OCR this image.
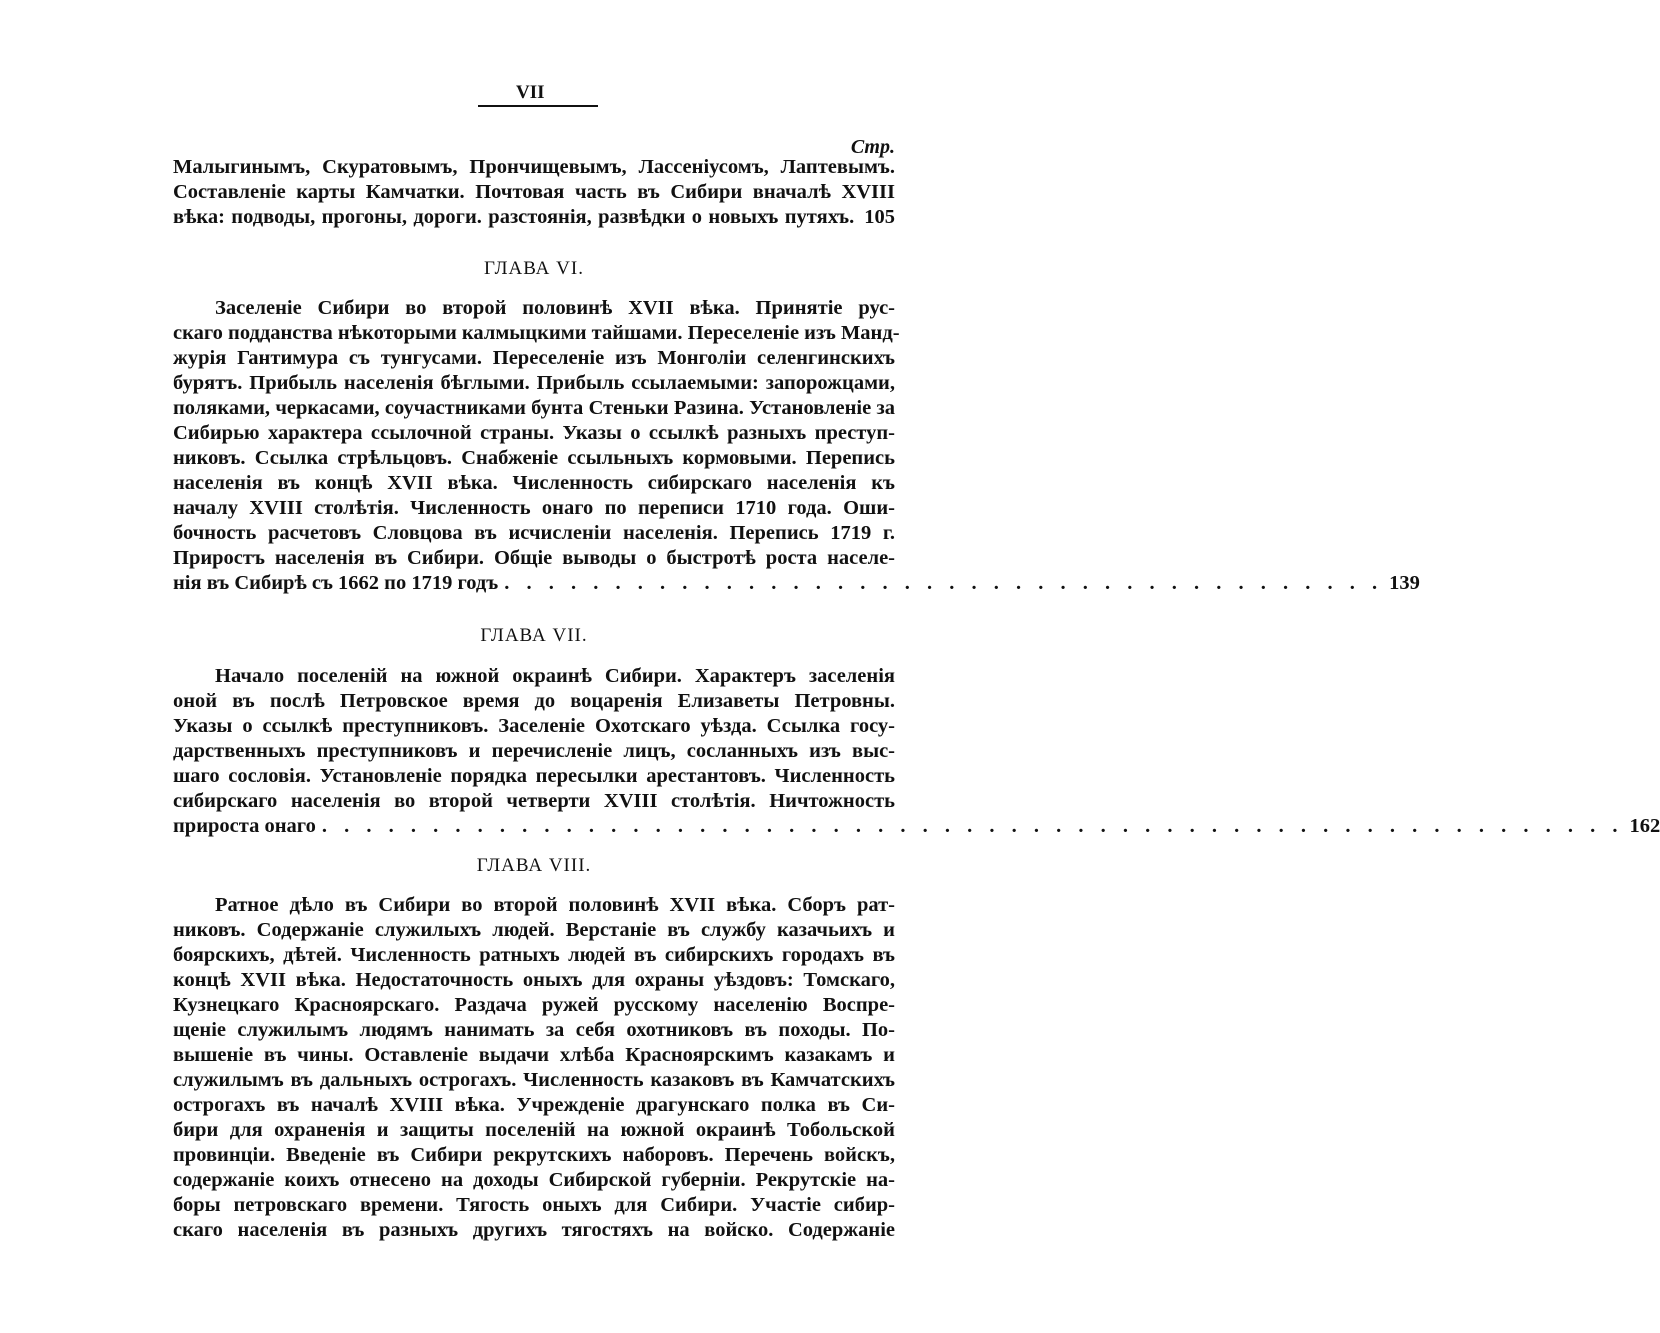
VII
Стр.
Малыгинымъ, Скуратовымъ, Прончищевымъ, Лассеніусомъ, Лаптевымъ.
Составленіе карты Камчатки. Почтовая часть въ Сибири вначалѣ XVIII
вѣка: подводы, прогоны, дороги. разстоянія, развѣдки о новыхъ путяхъ. 105
ГЛАВА VI.
Заселеніе Сибири во второй половинѣ XVII вѣка. Принятіе рус-
скаго подданства нѣкоторыми калмыцкими тайшами. Переселеніе изъ Манд-
журія Гантимура съ тунгусами. Переселеніе изъ Монголіи селенгинскихъ
бурятъ. Прибыль населенія бѣглыми. Прибыль ссылаемыми: запорожцами,
поляками, черкасами, соучастниками бунта Стеньки Разина. Установленіе за
Сибирью характера ссылочной страны. Указы о ссылкѣ разныхъ преступ-
никовъ. Ссылка стрѣльцовъ. Снабженіе ссыльныхъ кормовыми. Перепись
населенія въ концѣ XVII вѣка. Численность сибирскаго населенія къ
началу XVIII столѣтія. Численность онаго по переписи 1710 года. Оши-
бочность расчетовъ Словцова въ исчисленіи населенія. Перепись 1719 г.
Приростъ населенія въ Сибири. Общіе выводы о быстротѣ роста населе-
нія въ Сибирѣ съ 1662 по 1719 годъ . . . . . . . . . . . . . . . . . . . . . . . . . . . . . . . . . . . . . . . . 139
ГЛАВА VII.
Начало поселеній на южной окраинѣ Сибири. Характеръ заселенія
оной въ послѣ Петровское время до воцаренія Елизаветы Петровны.
Указы о ссылкѣ преступниковъ. Заселеніе Охотскаго уѣзда. Ссылка госу-
дарственныхъ преступниковъ и перечисленіе лицъ, сосланныхъ изъ выс-
шаго сословія. Установленіе порядка пересылки арестантовъ. Численность
сибирскаго населенія во второй четверти XVIII столѣтія. Ничтожность
прироста онаго . . . . . . . . . . . . . . . . . . . . . . . . . . . . . . . . . . . . . . . . . . . . . . . . . . . . . . . . . . . 162
ГЛАВА VIII.
Ратное дѣло въ Сибири во второй половинѣ XVII вѣка. Сборъ рат-
никовъ. Содержаніе служилыхъ людей. Верстаніе въ службу казачьихъ и
боярскихъ, дѣтей. Численность ратныхъ людей въ сибирскихъ городахъ въ
концѣ XVII вѣка. Недостаточность оныхъ для охраны уѣздовъ: Томскаго,
Кузнецкаго Красноярскаго. Раздача ружей русскому населенію Воспре-
щеніе служилымъ людямъ нанимать за себя охотниковъ въ походы. По-
вышеніе въ чины. Оставленіе выдачи хлѣба Красноярскимъ казакамъ и
служилымъ въ дальныхъ острогахъ. Численность казаковъ въ Камчатскихъ
острогахъ въ началѣ XVIII вѣка. Учрежденіе драгунскаго полка въ Си-
бири для охраненія и защиты поселеній на южной окраинѣ Тобольской
провинціи. Введеніе въ Сибири рекрутскихъ наборовъ. Перечень войскъ,
содержаніе коихъ отнесено на доходы Сибирской губерніи. Рекрутскіе на-
боры петровскаго времени. Тягость оныхъ для Сибири. Участіе сибир-
скаго населенія въ разныхъ другихъ тягостяхъ на войско. Содержаніе
